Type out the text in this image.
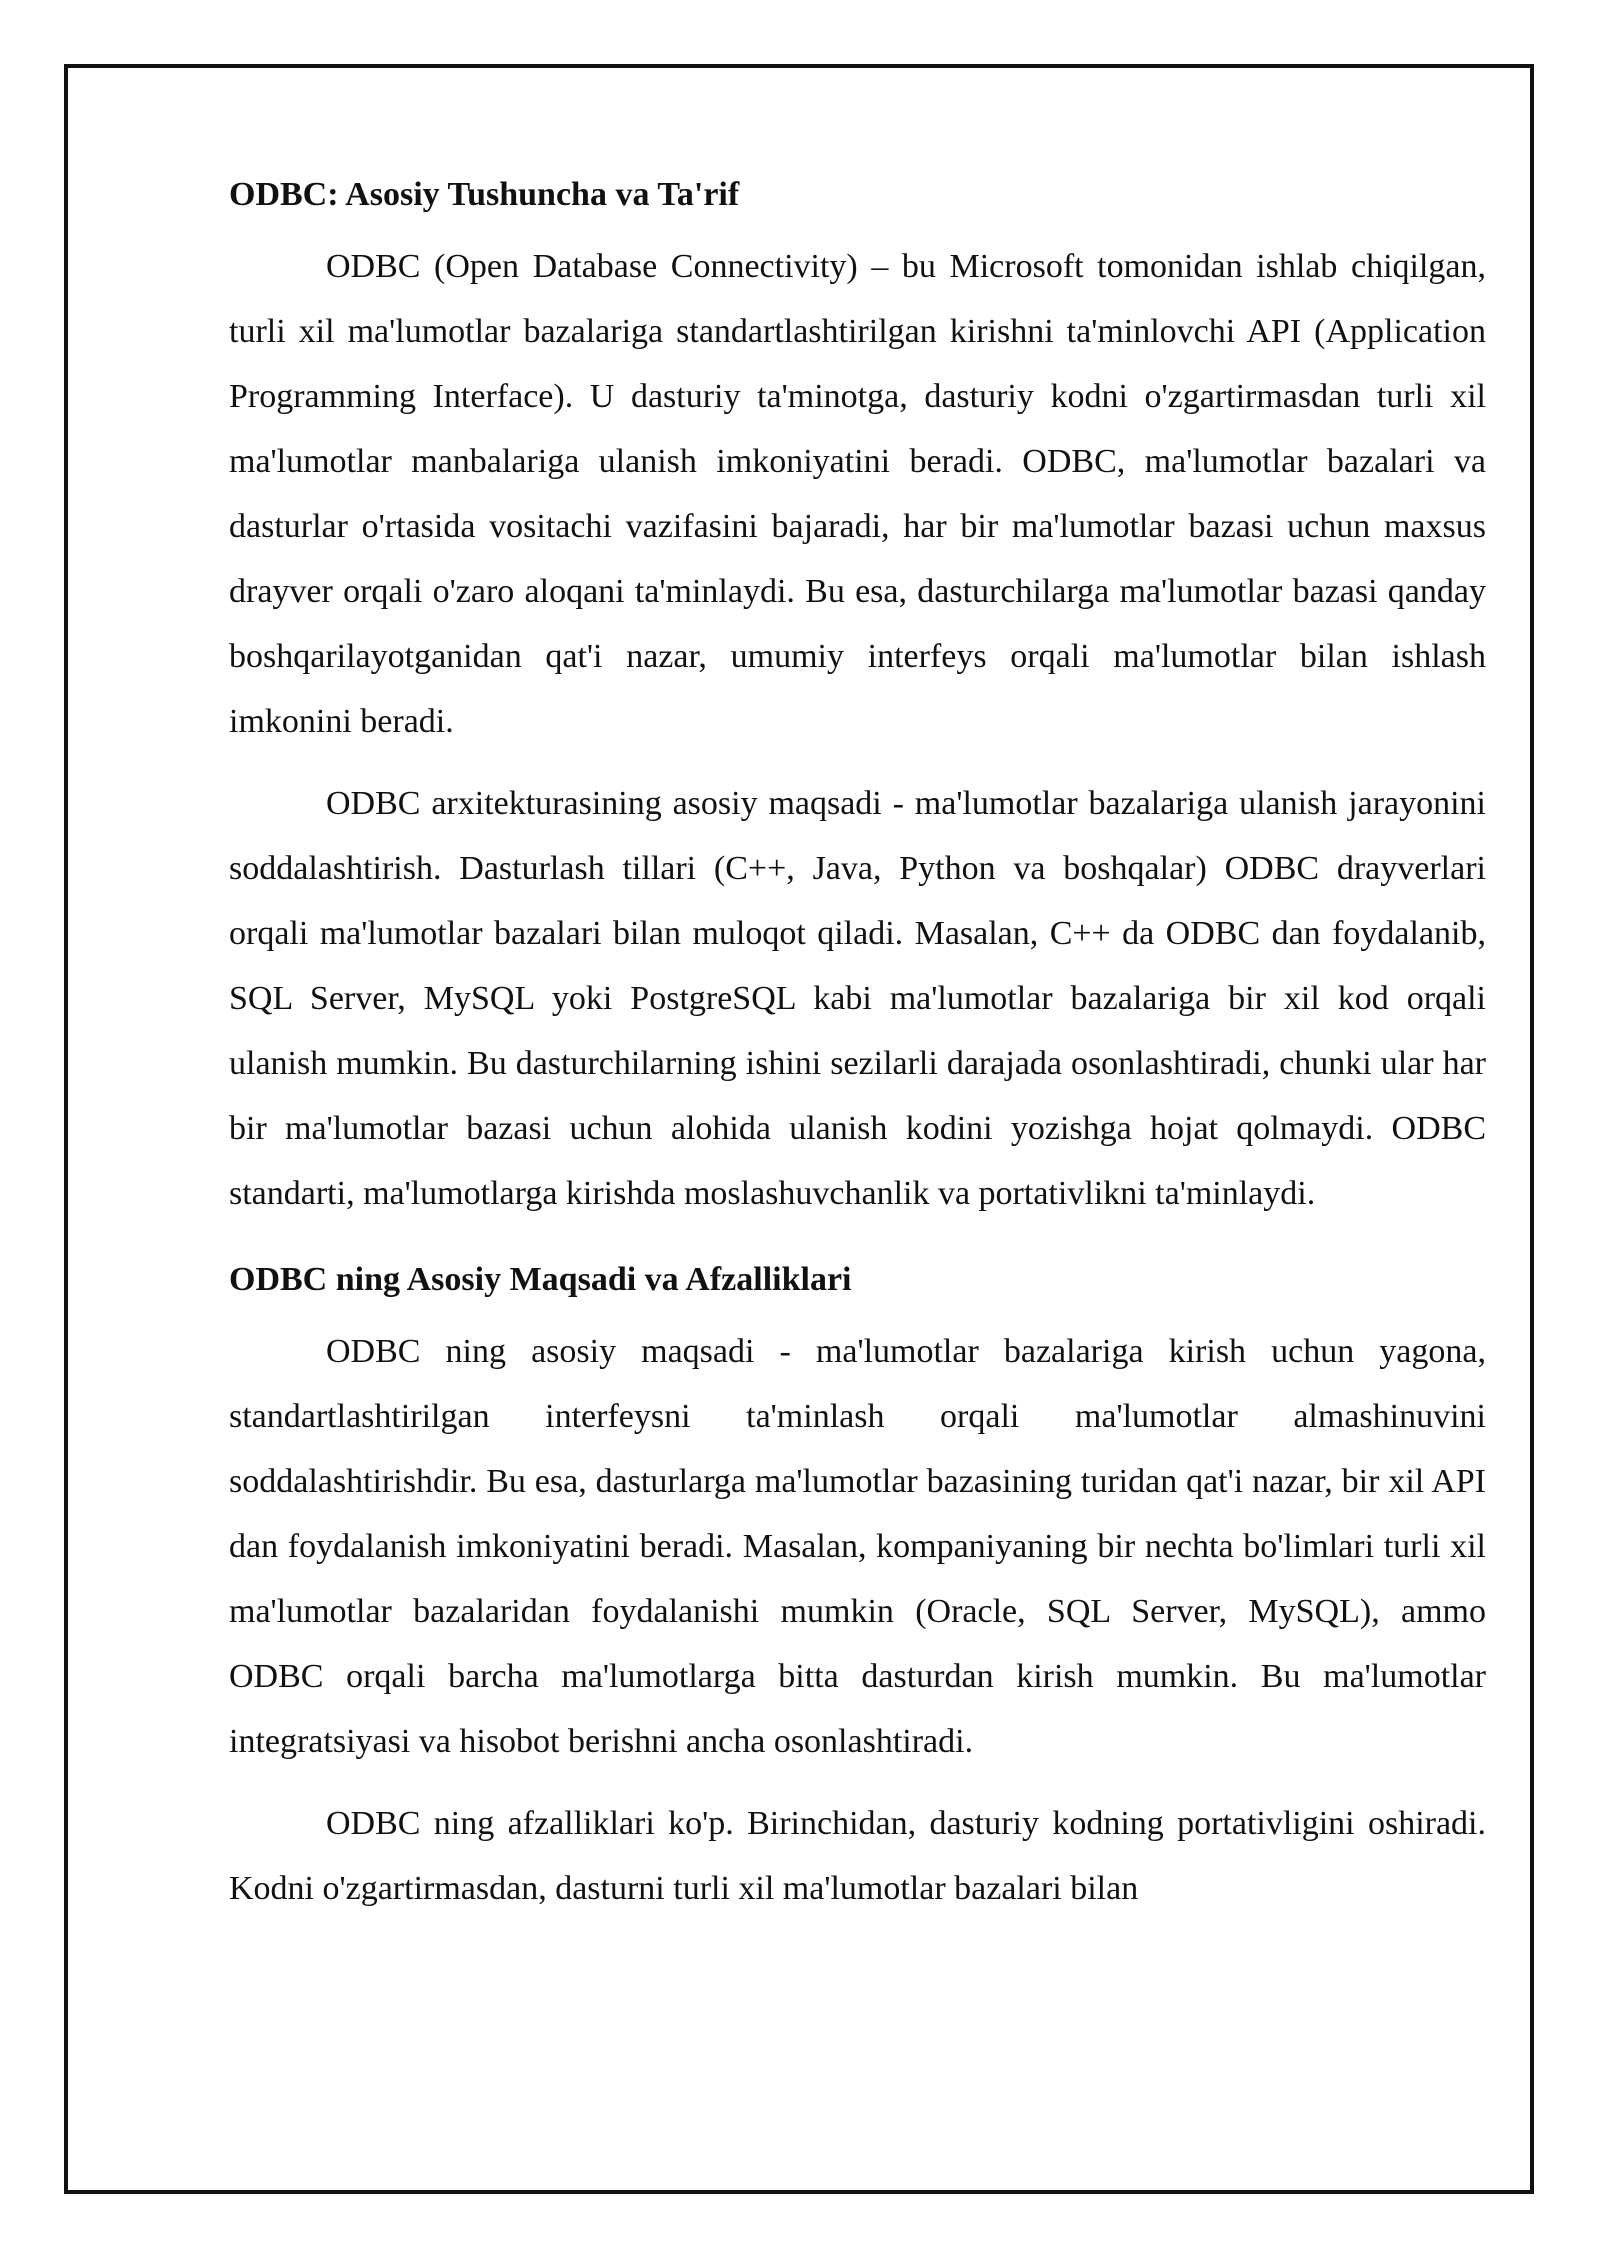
ODBC: Asosiy Tushuncha va Ta'rif

ODBC (Open Database Connectivity) – bu Microsoft tomonidan ishlab chiqilgan, turli xil ma'lumotlar bazalariga standartlashtirilgan kirishni ta'minlovchi API (Application Programming Interface). U dasturiy ta'minotga, dasturiy kodni o'zgartirmasdan turli xil ma'lumotlar manbalariga ulanish imkoniyatini beradi. ODBC, ma'lumotlar bazalari va dasturlar o'rtasida vositachi vazifasini bajaradi, har bir ma'lumotlar bazasi uchun maxsus drayver orqali o'zaro aloqani ta'minlaydi. Bu esa, dasturchilarga ma'lumotlar bazasi qanday boshqarilayotganidan qat'i nazar, umumiy interfeys orqali ma'lumotlar bilan ishlash imkonini beradi.

ODBC arxitekturasining asosiy maqsadi - ma'lumotlar bazalariga ulanish jarayonini soddalashtirish. Dasturlash tillari (C++, Java, Python va boshqalar) ODBC drayverlari orqali ma'lumotlar bazalari bilan muloqot qiladi. Masalan, C++ da ODBC dan foydalanib, SQL Server, MySQL yoki PostgreSQL kabi ma'lumotlar bazalariga bir xil kod orqali ulanish mumkin. Bu dasturchilarning ishini sezilarli darajada osonlashtiradi, chunki ular har bir ma'lumotlar bazasi uchun alohida ulanish kodini yozishga hojat qolmaydi. ODBC standarti, ma'lumotlarga kirishda moslashuvchanlik va portativlikni ta'minlaydi.

ODBC ning Asosiy Maqsadi va Afzalliklari

ODBC ning asosiy maqsadi - ma'lumotlar bazalariga kirish uchun yagona, standartlashtirilgan interfeysni ta'minlash orqali ma'lumotlar almashinuvini soddalashtirishdir. Bu esa, dasturlarga ma'lumotlar bazasining turidan qat'i nazar, bir xil API dan foydalanish imkoniyatini beradi. Masalan, kompaniyaning bir nechta bo'limlari turli xil ma'lumotlar bazalaridan foydalanishi mumkin (Oracle, SQL Server, MySQL), ammo ODBC orqali barcha ma'lumotlarga bitta dasturdan kirish mumkin. Bu ma'lumotlar integratsiyasi va hisobot berishni ancha osonlashtiradi.

ODBC ning afzalliklari ko'p. Birinchidan, dasturiy kodning portativligini oshiradi. Kodni o'zgartirmasdan, dasturni turli xil ma'lumotlar bazalari bilan
